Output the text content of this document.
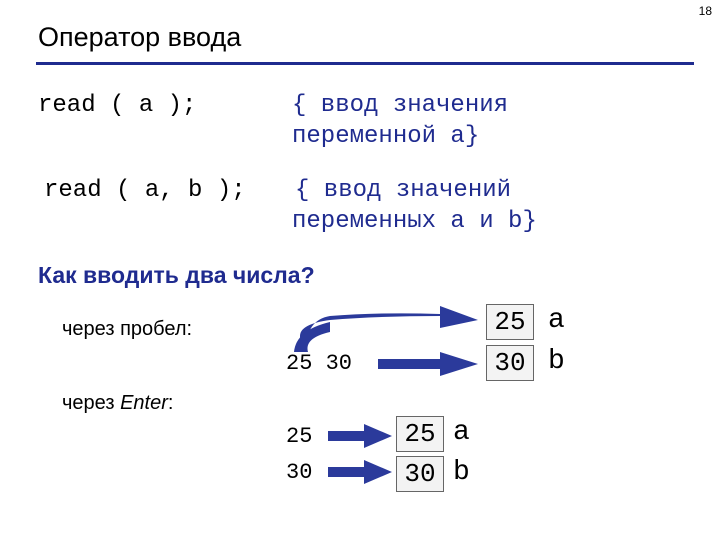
18
Оператор ввода
read ( a );	{ ввод значения
переменной a}
read ( a, b ); { ввод значений
переменных a и b}
Как вводить два числа?
через пробел:
25 30
25 a
30 b
через Enter:
25
30
25 a
30 b
